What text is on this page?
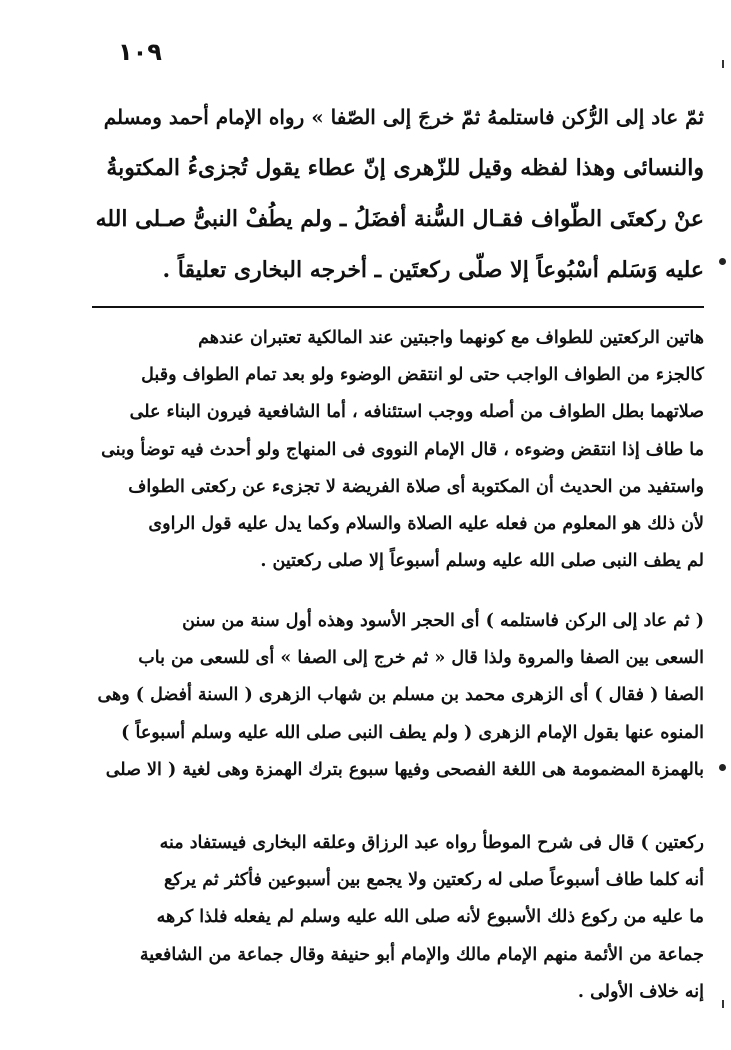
١٠٩
ثمّ عاد إلى الرُّكن فاستلمهُ ثمّ خرجَ إلى الصّفا » رواه الإمام أحمد ومسلم
والنسائى وهذا لفظه وقيل للزّهرى إنّ عطاء يقول تُجزىءُ المكتوبةُ
عنْ ركعتَى الطّواف فقـال السُّنة أفضَلُ ـ ولم يطُفْ النبىُّ صـلى الله
عليه وَسَلم أسْبُوعاً إلا صلّى ركعتَين ـ أخرجه البخارى تعليقاً .
هاتين الركعتين للطواف مع كونهما واجبتين عند المالكية تعتبران عندهم
كالجزء من الطواف الواجب حتى لو انتقض الوضوء ولو بعد تمام الطواف وقبل
صلاتهما بطل الطواف من أصله ووجب استئنافه ، أما الشافعية فيرون البناء على
ما طاف إذا انتقض وضوءه ، قال الإمام النووى فى المنهاج ولو أحدث فيه توضأ وبنى
واستفيد من الحديث أن المكتوبة أى صلاة الفريضة لا تجزىء عن ركعتى الطواف
لأن ذلك هو المعلوم من فعله عليه الصلاة والسلام وكما يدل عليه قول الراوى
لم يطف النبى صلى الله عليه وسلم أسبوعاً إلا صلى ركعتين .
( ثم عاد إلى الركن فاستلمه ) أى الحجر الأسود وهذه أول سنة من سنن
السعى بين الصفا والمروة ولذا قال « ثم خرج إلى الصفا » أى للسعى من باب
الصفا ( فقال ) أى الزهرى محمد بن مسلم بن شهاب الزهرى ( السنة أفضل ) وهى
المنوه عنها بقول الإمام الزهرى ( ولم يطف النبى صلى الله عليه وسلم أسبوعاً )
بالهمزة المضمومة هى اللغة الفصحى وفيها سبوع بترك الهمزة وهى لغية ( الا صلى
ركعتين ) قال فى شرح الموطأ رواه عبد الرزاق وعلقه البخارى فيستفاد منه
أنه كلما طاف أسبوعاً صلى له ركعتين ولا يجمع بين أسبوعين فأكثر ثم يركع
ما عليه من ركوع ذلك الأسبوع لأنه صلى الله عليه وسلم لم يفعله فلذا كرهه
جماعة من الأئمة منهم الإمام مالك والإمام أبو حنيفة وقال جماعة من الشافعية
إنه خلاف الأولى .
